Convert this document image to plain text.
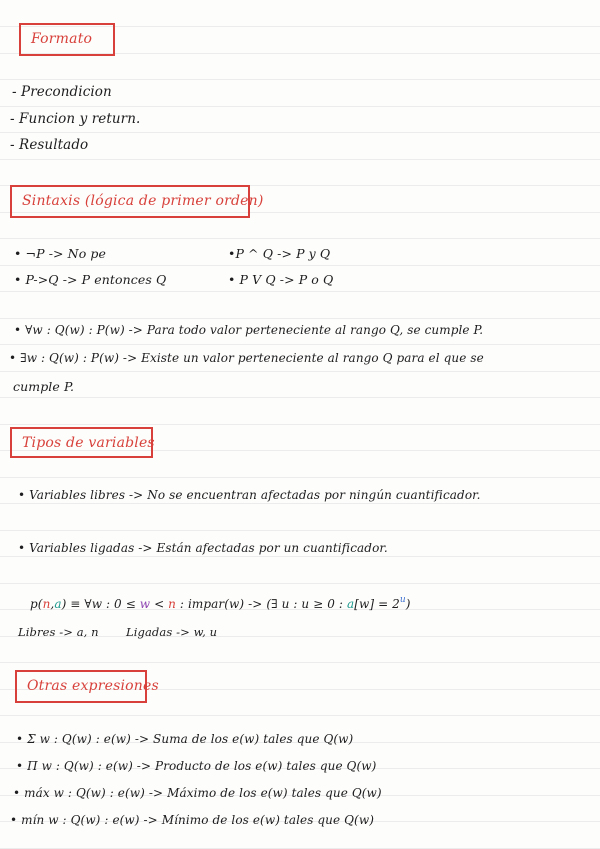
Formato
- Precondicion
- Funcion y return.
- Resultado
Sintaxis (lógica de primer orden)
• ¬P -> No pe
• P->Q -> P entonces Q
•P ^ Q -> P y Q
• P V Q -> P o Q
• ∀w : Q(w) : P(w) -> Para todo valor perteneciente al rango Q, se cumple P.
• ∃w : Q(w) : P(w) -> Existe un valor perteneciente al rango Q para el que se
cumple P.
Tipos de variables
• Variables libres -> No se encuentran afectadas por ningún cuantificador.
• Variables ligadas -> Están afectadas por un cuantificador.
p(n,a) ≡ ∀w : 0 ≤ w < n : impar(w) -> (∃ u : u ≥ 0 : $a[w] = 2^u$)
Libres -> a, n Ligadas -> w, u
Otras expresiones
• Σ w : Q(w) : e(w) -> Suma de los e(w) tales que Q(w)
• Π w : Q(w) : e(w) -> Producto de los e(w) tales que Q(w)
• máx w : Q(w) : e(w) -> Máximo de los e(w) tales que Q(w)
• mín w : Q(w) : e(w) -> Mínimo de los e(w) tales que Q(w)
